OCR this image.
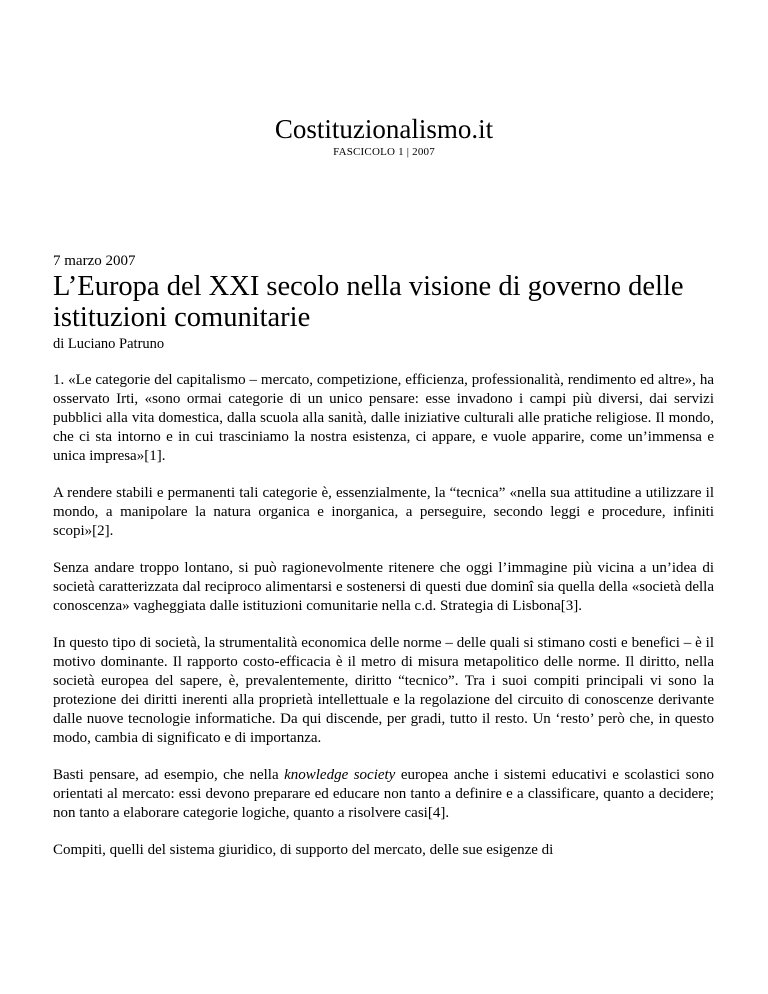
Costituzionalismo.it
FASCICOLO 1 | 2007
7 marzo 2007
L’Europa del XXI secolo nella visione di governo delle istituzioni comunitarie
di Luciano Patruno

1. «Le categorie del capitalismo – mercato, competizione, efficienza, professionalità, rendimento ed altre», ha osservato Irti, «sono ormai categorie di un unico pensare: esse invadono i campi più diversi, dai servizi pubblici alla vita domestica, dalla scuola alla sanità, dalle iniziative culturali alle pratiche religiose. Il mondo, che ci sta intorno e in cui trasciniamo la nostra esistenza, ci appare, e vuole apparire, come un’immensa e unica impresa»[1].

A rendere stabili e permanenti tali categorie è, essenzialmente, la “tecnica” «nella sua attitudine a utilizzare il mondo, a manipolare la natura organica e inorganica, a perseguire, secondo leggi e procedure, infiniti scopi»[2].

Senza andare troppo lontano, si può ragionevolmente ritenere che oggi l’immagine più vicina a un’idea di società caratterizzata dal reciproco alimentarsi e sostenersi di questi due dominî sia quella della «società della conoscenza» vagheggiata dalle istituzioni comunitarie nella c.d. Strategia di Lisbona[3].

In questo tipo di società, la strumentalità economica delle norme – delle quali si stimano costi e benefici – è il motivo dominante. Il rapporto costo-efficacia è il metro di misura metapolitico delle norme. Il diritto, nella società europea del sapere, è, prevalentemente, diritto “tecnico”. Tra i suoi compiti principali vi sono la protezione dei diritti inerenti alla proprietà intellettuale e la regolazione del circuito di conoscenze derivante dalle nuove tecnologie informatiche. Da qui discende, per gradi, tutto il resto. Un ‘resto’ però che, in questo modo, cambia di significato e di importanza.

Basti pensare, ad esempio, che nella knowledge society europea anche i sistemi educativi e scolastici sono orientati al mercato: essi devono preparare ed educare non tanto a definire e a classificare, quanto a decidere; non tanto a elaborare categorie logiche, quanto a risolvere casi[4].

Compiti, quelli del sistema giuridico, di supporto del mercato, delle sue esigenze di
